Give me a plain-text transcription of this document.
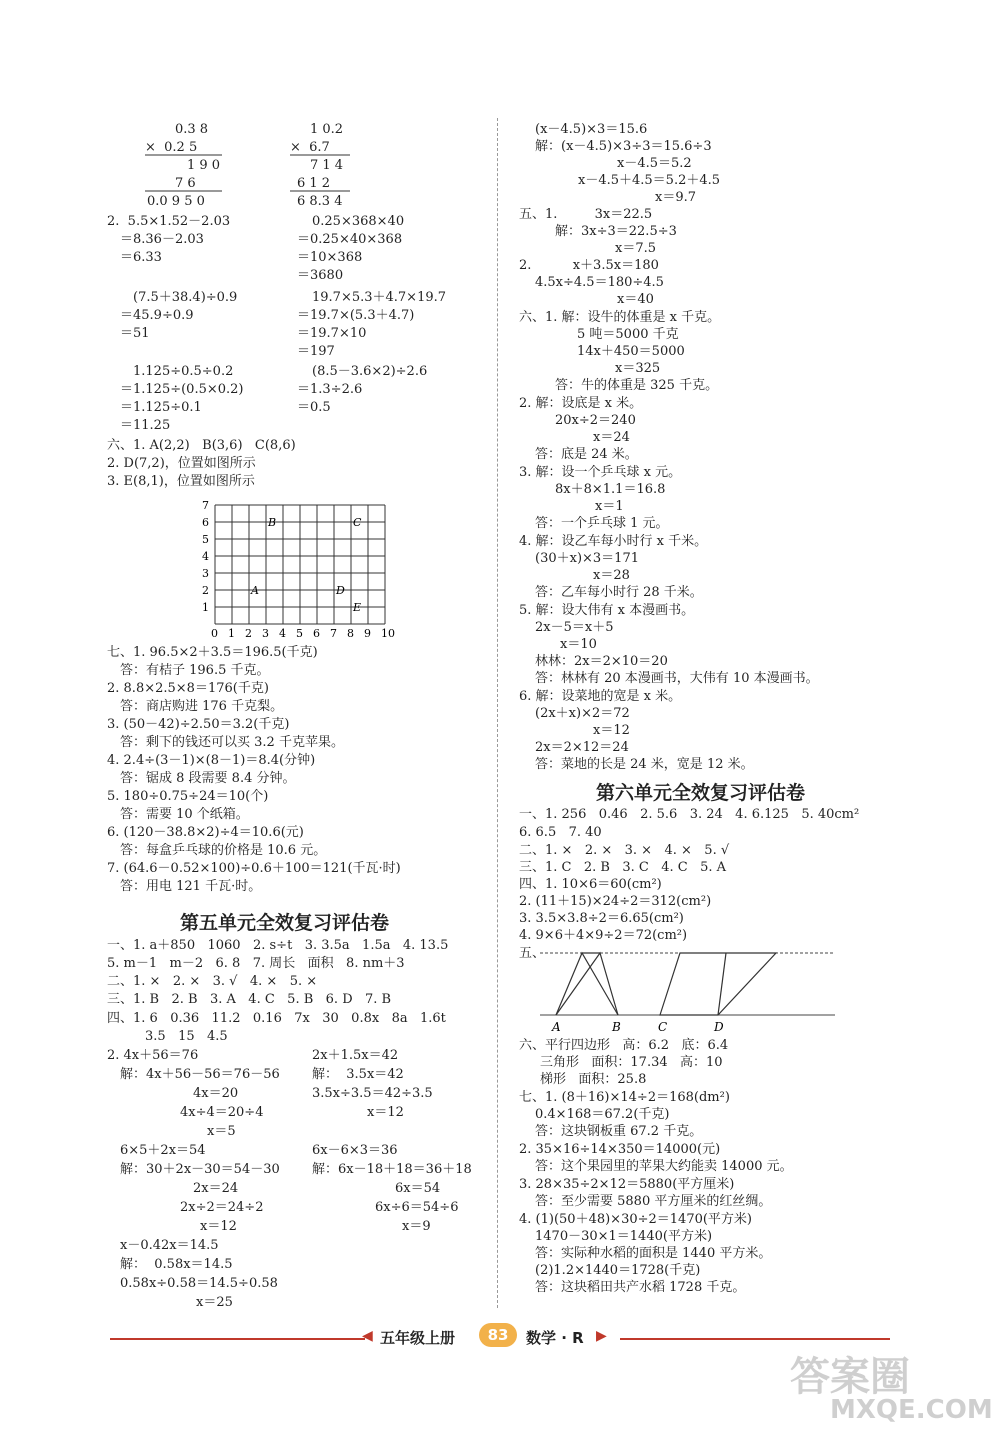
0.3 8	1 0.2
×  0.2 5	×  6.7
1 9 0	7 1 4
7 6	6 1 2
0.0 9 5 0	6 8.3 4
2.  5.5×1.52－2.03	0.25×368×40
＝8.36－2.03	＝0.25×40×368
＝6.33	＝10×368
＝3680
(7.5＋38.4)÷0.9	19.7×5.3＋4.7×19.7
＝45.9÷0.9	＝19.7×(5.3＋4.7)
＝51	＝19.7×10
＝197
1.125÷0.5÷0.2	(8.5－3.6×2)÷2.6
＝1.125÷(0.5×0.2)	＝1.3÷2.6
＝1.125÷0.1	＝0.5
＝11.25
六、1. A(2,2)   B(3,6)   C(8,6)
2. D(7,2)，位置如图所示
3. E(8,1)，位置如图所示
七、1. 96.5×2＋3.5＝196.5(千克)
答：有桔子 196.5 千克。
2. 8.8×2.5×8＝176(千克)
答：商店购进 176 千克梨。
3. (50－42)÷2.50＝3.2(千克)
答：剩下的钱还可以买 3.2 千克苹果。
4. 2.4÷(3－1)×(8－1)＝8.4(分钟)
答：锯成 8 段需要 8.4 分钟。
5. 180÷0.75÷24＝10(个)
答：需要 10 个纸箱。
6. (120－38.8×2)÷4＝10.6(元)
答：每盒乒乓球的价格是 10.6 元。
7. (64.6－0.52×100)÷0.6＋100＝121(千瓦·时)
答：用电 121 千瓦·时。
一、1. a＋850   1060   2. s÷t   3. 3.5a   1.5a   4. 13.5
5. m－1   m－2   6. 8   7. 周长   面积   8. nm＋3
二、1. ×   2. ×   3. √   4. ×   5. ×
三、1. B   2. B   3. A   4. C   5. B   6. D   7. B
四、1. 6   0.36   11.2   0.16   7x   30   0.8x   8a   1.6t
3.5   15   4.5
2. 4x＋56＝76	2x＋1.5x＝42
解：4x＋56－56＝76－56 解：  3.5x＝42
4x＝20	3.5x÷3.5＝42÷3.5
4x÷4＝20÷4	x＝12
x＝5
6×5＋2x＝54	6x－6×3＝36
解：30＋2x－30＝54－30 解：6x－18＋18＝36＋18
2x＝24	6x＝54
2x÷2＝24÷2	6x÷6＝54÷6
x＝12	x＝9
x－0.42x＝14.5
解：  0.58x＝14.5
0.58x÷0.58＝14.5÷0.58
x＝25
(x－4.5)×3＝15.6
解：(x－4.5)×3÷3＝15.6÷3
x－4.5＝5.2
x－4.5＋4.5＝5.2＋4.5
x＝9.7
五、1.         3x＝22.5
解：3x÷3＝22.5÷3
x＝7.5
2.          x＋3.5x＝180
4.5x÷4.5＝180÷4.5
x＝40
六、1. 解：设牛的体重是 x 千克。
5 吨＝5000 千克
14x＋450＝5000
x＝325
答：牛的体重是 325 千克。
2. 解：设底是 x 米。
20x÷2＝240
x＝24
答：底是 24 米。
3. 解：设一个乒乓球 x 元。
8x＋8×1.1＝16.8
x＝1
答：一个乒乓球 1 元。
4. 解：设乙车每小时行 x 千米。
(30＋x)×3＝171
x＝28
答：乙车每小时行 28 千米。
5. 解：设大伟有 x 本漫画书。
2x－5＝x＋5
x＝10
林林：2x＝2×10＝20
答：林林有 20 本漫画书，大伟有 10 本漫画书。
6. 解：设菜地的宽是 x 米。
(2x＋x)×2＝72
x＝12
2x＝2×12＝24
答：菜地的长是 24 米，宽是 12 米。
一、1. 256   0.46   2. 5.6   3. 24   4. 6.125   5. 40cm²
6. 6.5   7. 40
二、1. ×   2. ×   3. ×   4. ×   5. √
三、1. C   2. B   3. C   4. C   5. A
四、1. 10×6＝60(cm²)
2. (11＋15)×24÷2＝312(cm²)
3. 3.5×3.8÷2＝6.65(cm²)
4. 9×6＋4×9÷2＝72(cm²)
五、
六、平行四边形   高：6.2   底：6.4
三角形   面积：17.34   高：10
梯形   面积：25.8
七、1. (8＋16)×14÷2＝168(dm²)
0.4×168＝67.2(千克)
答：这块钢板重 67.2 千克。
2. 35×16÷14×350＝14000(元)
答：这个果园里的苹果大约能卖 14000 元。
3. 28×35÷2×12＝5880(平方厘米)
答：至少需要 5880 平方厘米的红丝绸。
4. (1)(50＋48)×30÷2＝1470(平方米)
1470－30×1＝1440(平方米)
答：实际种水稻的面积是 1440 平方米。
(2)1.2×1440＝1728(千克)
答：这块稻田共产水稻 1728 千克。
第五单元全效复习评估卷
第六单元全效复习评估卷
0 1 2 3 4 5 6 7 8 9 10
7
6
5
4
3
2
1
B	C
A	D
E
A	B	C	D
◀ 五年级上册	83	数学 · R ▶
答案圈
MXQE.COM
